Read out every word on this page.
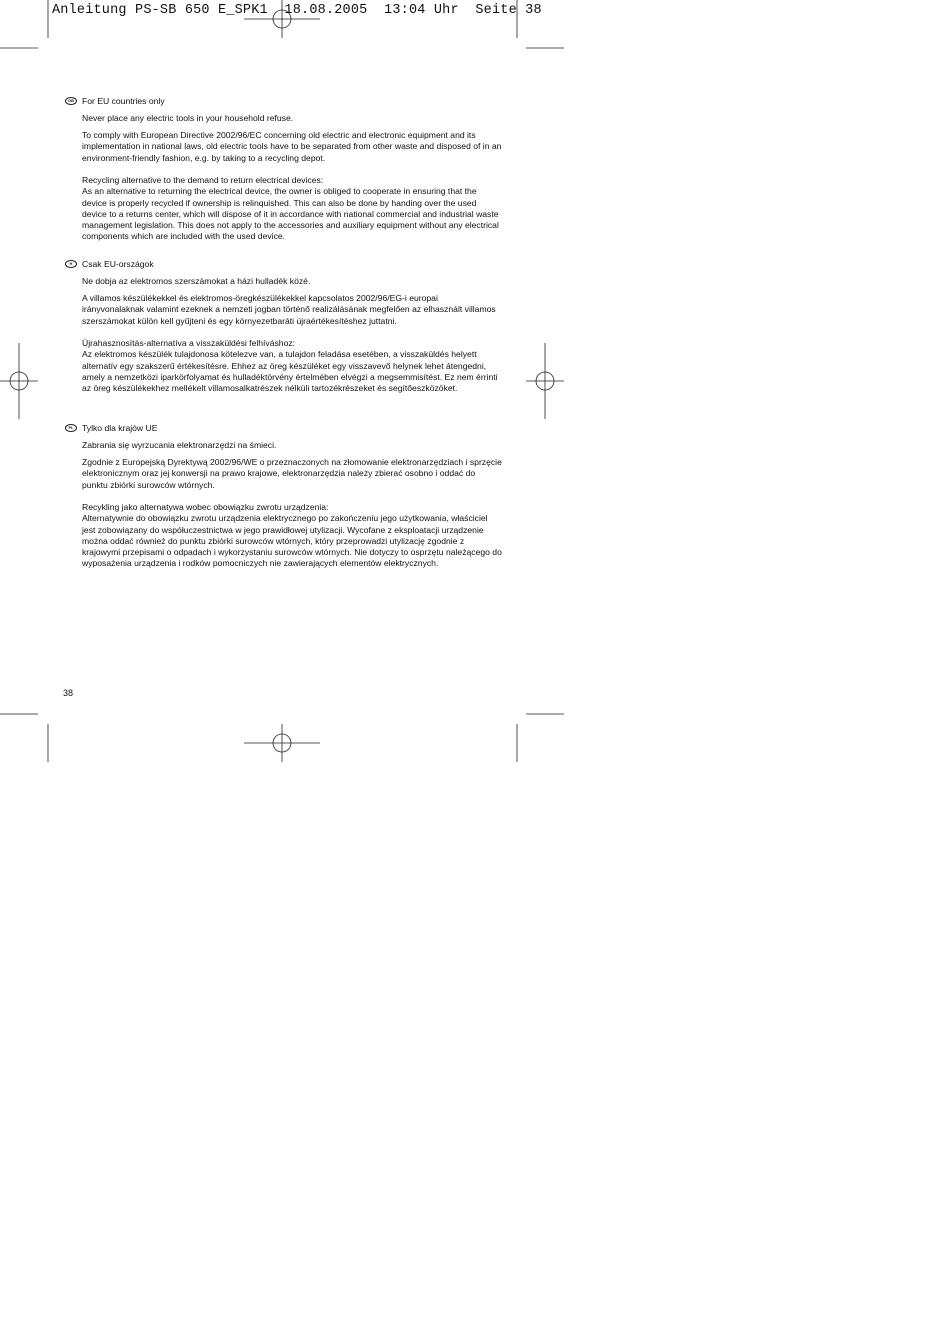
Anleitung PS-SB 650 E_SPK1  18.08.2005  13:04 Uhr  Seite 38
GB For EU countries only

Never place any electric tools in your household refuse.

To comply with European Directive 2002/96/EC concerning old electric and electronic equipment and its implementation in national laws, old electric tools have to be separated from other waste and disposed of in an environment-friendly fashion, e.g. by taking to a recycling depot.

Recycling alternative to the demand to return electrical devices:

As an alternative to returning the electrical device, the owner is obliged to cooperate in ensuring that the device is properly recycled if ownership is relinquished. This can also be done by handing over the used device to a returns center, which will dispose of it in accordance with national commercial and industrial waste management legislation. This does not apply to the accessories and auxiliary equipment without any electrical components which are included with the used device.

H	Csak EU-országok

Ne dobja az elektromos szerszámokat a házi hulladék közé.

A villamos készülékekkel és elektromos-öregkészülékekkel kapcsolatos 2002/96/EG-i europai irányvonalaknak valamint ezeknek a nemzeti jogban történő realizálásának megfelően az elhasznált villamos szerszámokat külön kell gyűjteni és egy környezetbaráti újraértékesítéshez juttatni.

Újrahasznosítás-alternatíva a visszaküldési felhíváshoz:

Az elektromos készülék tulajdonosa kötelezve van, a tulajdon feladása esetében, a visszaküldés helyett alternatív egy szakszerű értékesítésre. Ehhez az öreg készüléket egy visszavevő helynek lehet átengedni, amely a nemzetközi iparkörfolyamat és hulladéktörvény értelmében elvégzi a megsemmisítést. Ez nem érrinti az öreg készülékekhez mellékelt villamosalkatrészek nélküli tartozékrészeket és segítőeszközöket.

PL Tylko dla krajów UE

Zabrania się wyrzucania elektronarzędzi na śmieci.

Zgodnie z Europejską Dyrektywą 2002/96/WE o przeznaczonych na złomowanie elektronarzędziach i sprzęcie elektronicznym oraz jej konwersji na prawo krajowe, elektronarzędzia należy zbierać osobno i oddać do punktu zbiórki surowców wtórnych.

Recykling jako alternatywa wobec obowiązku zwrotu urządzenia:

Alternatywnie do obowiązku zwrotu urządzenia elektrycznego po zakończeniu jego użytkowania, właściciel jest zobowiązany do współuczestnictwa w jego prawidłowej utylizacji. Wycofane z eksploatacji urządzenie można oddać również do punktu zbiórki surowców wtórnych, który przeprowadzi utylizację zgodnie z krajowymi przepisami o odpadach i wykorzystaniu surowców wtórnych. Nie dotyczy to osprzętu należącego do wyposażenia urządzenia i rodków pomocniczych nie zawierających elementów elektrycznych.

38
